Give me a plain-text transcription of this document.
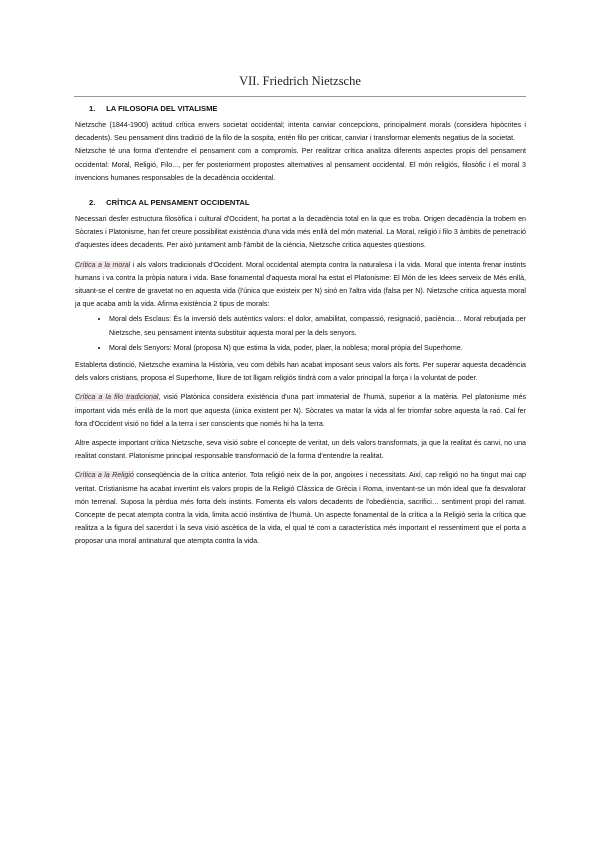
VII. Friedrich Nietzsche
1. LA FILOSOFIA DEL VITALISME

Nietzsche (1844-1900) actitud crítica envers societat occidental; intenta canviar concepcions, principalment morals (considera hipòcrites i decadents). Seu pensament dins tradició de la filo de la sospita, entén filo per criticar, canviar i transformar elements negatius de la societat.

Nietzsche té una forma d'entendre el pensament com a compromís. Per realitzar crítica analitza diferents aspectes propis del pensament occidental: Moral, Religió, Filo..., per fer posteriorment propostes alternatives al pensament occidental. El món religiós, filosòfic i el moral 3 invencions humanes responsables de la decadència occidental.

2. CRÍTICA AL PENSAMENT OCCIDENTAL

Necessari desfer estructura filosòfica i cultural d'Occident, ha portat a la decadència total en la que es troba. Origen decadència la trobem en Sòcrates i Platonisme, han fet creure possibilitat existència d'una vida més enllà del món material. La Moral, religió i filo 3 àmbits de penetració d'aquestes idees decadents. Per això juntament amb l'àmbit de la ciència, Nietzsche critica aquestes qüestions.

Crítica a la moral i als valors tradicionals d'Occident. Moral occidental atempta contra la naturalesa i la vida. Moral que intenta frenar instints humans i va contra la pròpia natura i vida. Base fonamental d'aquesta moral ha estat el Platonisme: El Món de les Idees serveix de Més enllà, situant-se el centre de gravetat no en aquesta vida (l'única que existeix per N) sinó en l'altra vida (falsa per N). Nietzsche critica aquesta moral ja que acaba amb la vida. Afirma existència 2 tipus de morals:

• Moral dels Esclaus: És la inversió dels autèntics valors: el dolor, amabilitat, compassió, resignació, paciència… Moral rebutjada per Nietzsche, seu pensament intenta substituir aquesta moral per la dels senyors.
• Moral dels Senyors: Moral (proposa N) que estima la vida, poder, plaer, la noblesa; moral pròpia del Superhome.

Establerta distinció, Nietzsche examina la Història, veu com dèbils han acabat imposant seus valors als forts. Per superar aquesta decadència dels valors cristians, proposa el Superhome, lliure de tot lligam religiós tindrà com a valor principal la força i la voluntat de poder.

Crítica a la filo tradicional, visió Platònica considera existència d'una part immaterial de l'humà, superior a la matèria. Pel platonisme més important vida més enllà de la mort que aquesta (única existent per N). Sòcrates va matar la vida al fer triomfar sobre aquesta la raó. Cal fer fora d'Occident visió no fidel a la terra i ser conscients que només hi ha la terra.

Altre aspecte important crítica Nietzsche, seva visió sobre el concepte de veritat, un dels valors transformats, ja que la realitat és canvi, no una realitat constant. Platonisme principal responsable transformació de la forma d'entendre la realitat.

Crítica a la Religió conseqüència de la crítica anterior. Tota religió neix de la por, angoixes i necessitats. Així, cap religió no ha tingut mai cap veritat. Cristianisme ha acabat invertint els valors propis de la Religió Clàssica de Grècia i Roma, inventant-se un món ideal que fa desvalorar món terrenal. Suposa la pèrdua més forta dels instints. Fomenta els valors decadents de l'obediència, sacrifici… sentiment propi del ramat. Concepte de pecat atempta contra la vida, limita acció instintiva de l'humà. Un aspecte fonamental de la crítica a la Religió seria la crítica que realitza a la figura del sacerdot i la seva visió ascètica de la vida, el qual té com a característica més important el ressentiment que el porta a proposar una moral antinatural que atempta contra la vida.
